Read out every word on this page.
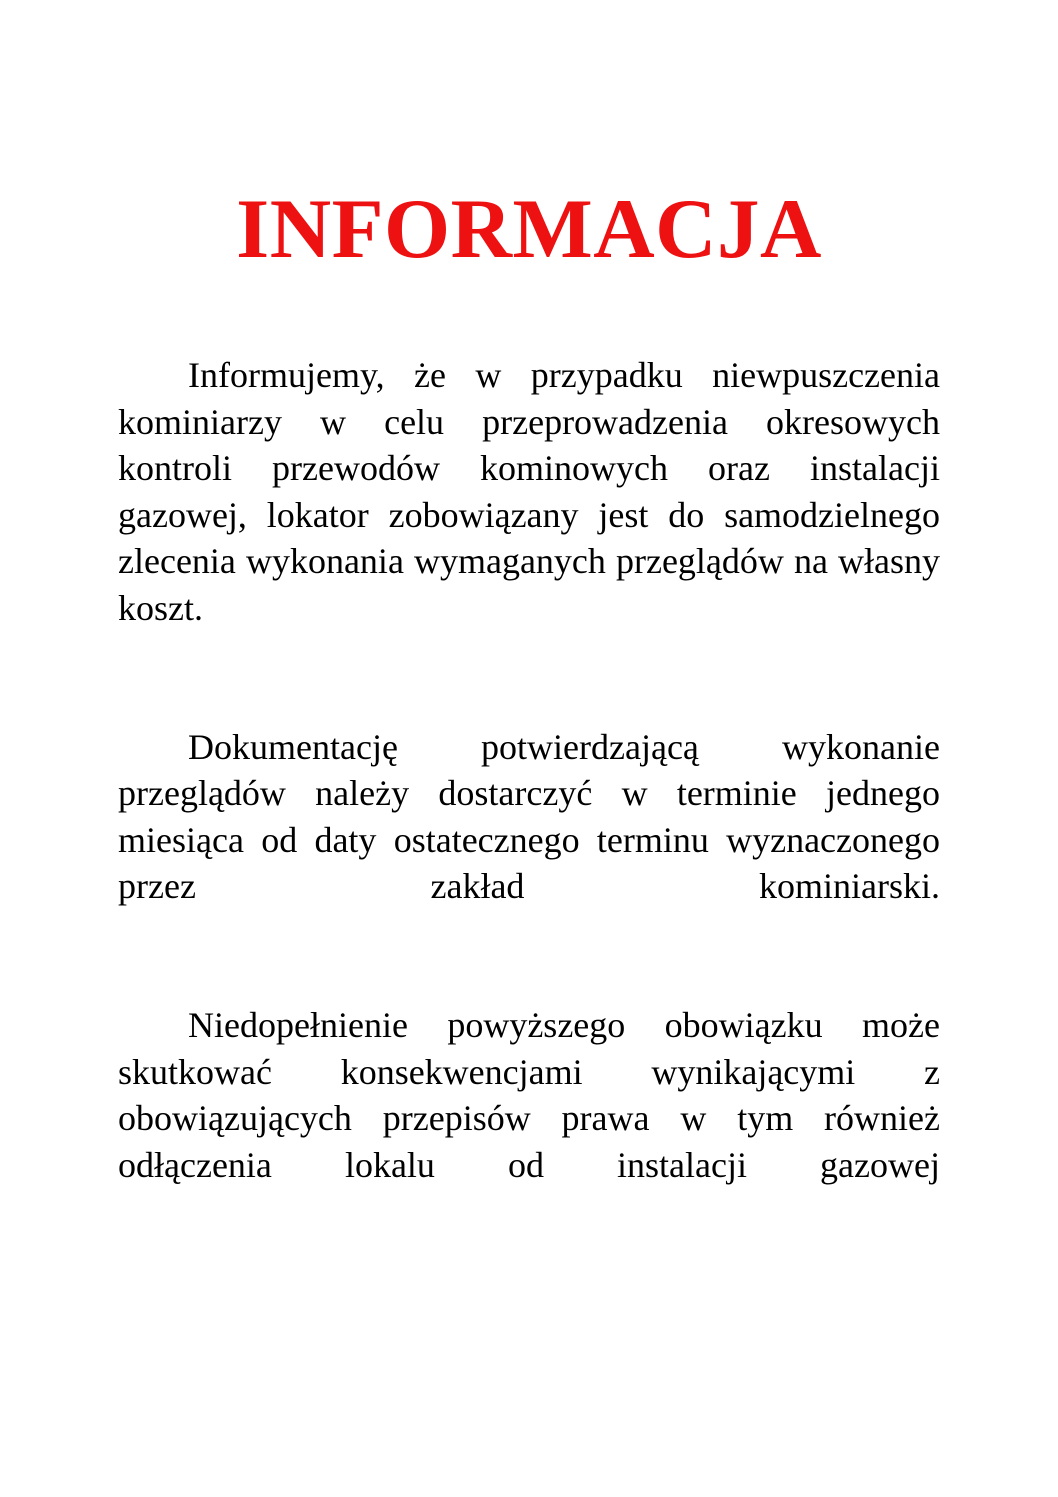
INFORMACJA

Informujemy, że w przypadku niewpuszczenia kominiarzy w celu przeprowadzenia okresowych kontroli przewodów kominowych oraz instalacji gazowej, lokator zobowiązany jest do samodzielnego zlecenia wykonania wymaganych przeglądów na własny koszt.

Dokumentację potwierdzającą wykonanie przeglądów należy dostarczyć w terminie jednego miesiąca od daty ostatecznego terminu wyznaczonego przez zakład kominiarski.

Niedopełnienie powyższego obowiązku może skutkować konsekwencjami wynikającymi z obowiązujących przepisów prawa w tym również odłączenia lokalu od instalacji gazowej
